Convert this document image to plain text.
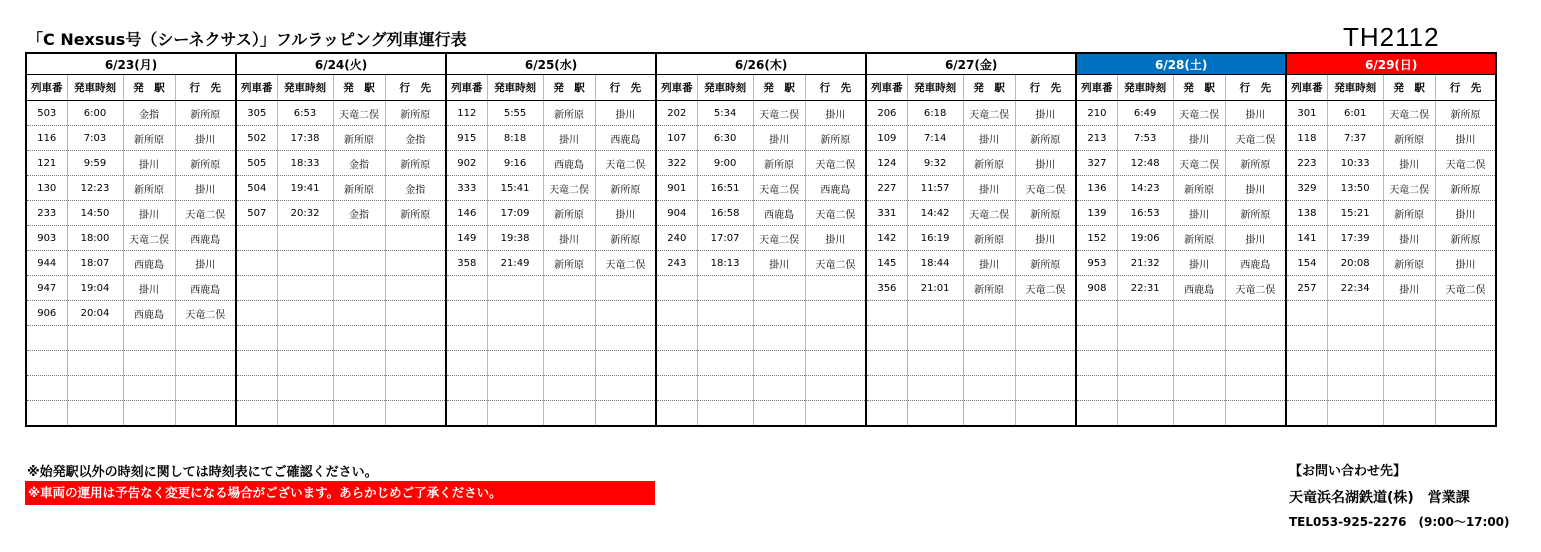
「C Nexsus号（シーネクサス）」フルラッピング列車運行表	TH2112
6/23(月)				6/24(火)				6/25(水)				6/26(木)				6/27(金)				6/28(土)				6/29(日)			
列車番	発車時刻	発　駅	行　先	列車番	発車時刻	発　駅	行　先	列車番	発車時刻	発　駅	行　先	列車番	発車時刻	発　駅	行　先	列車番	発車時刻	発　駅	行　先	列車番	発車時刻	発　駅	行　先	列車番	発車時刻	発　駅	行　先
503	6:00	金指	新所原	305	6:53	天竜二俣	新所原	112	5:55	新所原	掛川	202	5:34	天竜二俣	掛川	206	6:18	天竜二俣	掛川	210	6:49	天竜二俣	掛川	301	6:01	天竜二俣	新所原
116	7:03	新所原	掛川	502	17:38	新所原	金指	915	8:18	掛川	西鹿島	107	6:30	掛川	新所原	109	7:14	掛川	新所原	213	7:53	掛川	天竜二俣	118	7:37	新所原	掛川
121	9:59	掛川	新所原	505	18:33	金指	新所原	902	9:16	西鹿島	天竜二俣	322	9:00	新所原	天竜二俣	124	9:32	新所原	掛川	327	12:48	天竜二俣	新所原	223	10:33	掛川	天竜二俣
130	12:23	新所原	掛川	504	19:41	新所原	金指	333	15:41	天竜二俣	新所原	901	16:51	天竜二俣	西鹿島	227	11:57	掛川	天竜二俣	136	14:23	新所原	掛川	329	13:50	天竜二俣	新所原
233	14:50	掛川	天竜二俣	507	20:32	金指	新所原	146	17:09	新所原	掛川	904	16:58	西鹿島	天竜二俣	331	14:42	天竜二俣	新所原	139	16:53	掛川	新所原	138	15:21	新所原	掛川
903	18:00	天竜二俣	西鹿島					149	19:38	掛川	新所原	240	17:07	天竜二俣	掛川	142	16:19	新所原	掛川	152	19:06	新所原	掛川	141	17:39	掛川	新所原
944	18:07	西鹿島	掛川					358	21:49	新所原	天竜二俣	243	18:13	掛川	天竜二俣	145	18:44	掛川	新所原	953	21:32	掛川	西鹿島	154	20:08	新所原	掛川
947	19:04	掛川	西鹿島													356	21:01	新所原	天竜二俣	908	22:31	西鹿島	天竜二俣	257	22:34	掛川	天竜二俣
906	20:04	西鹿島	天竜二俣																								

※始発駅以外の時刻に関しては時刻表にてご確認ください。
※車両の運用は予告なく変更になる場合がございます。あらかじめご了承ください。
【お問い合わせ先】
天竜浜名湖鉄道(株)　営業課
TEL053-925-2276　(9:00～17:00)
